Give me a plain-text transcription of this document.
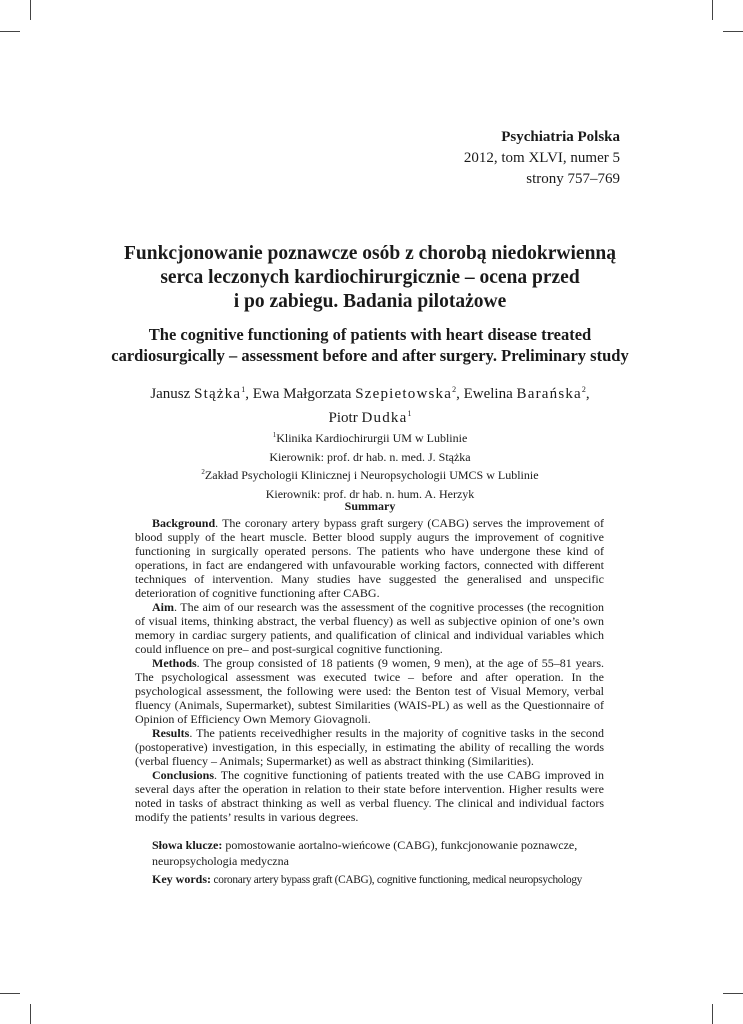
Psychiatria Polska
2012, tom XLVI, numer 5
strony 757–769
Funkcjonowanie poznawcze osób z chorobą niedokrwienną
serca leczonych kardiochirurgicznie – ocena przed
i po zabiegu. Badania pilotażowe
The cognitive functioning of patients with heart disease treated
cardiosurgically – assessment before and after surgery. Preliminary study
Janusz Stążka$^1$, Ewa Małgorzata Szepietowska$^2$, Ewelina Barańska$^2$,
Piotr Dudka$^1$
$^1$Klinika Kardiochirurgii UM w Lublinie
Kierownik: prof. dr hab. n. med. J. Stążka
$^2$Zakład Psychologii Klinicznej i Neuropsychologii UMCS w Lublinie
Kierownik: prof. dr hab. n. hum. A. Herzyk
Summary

Background. The coronary artery bypass graft surgery (CABG) serves the improvement of blood supply of the heart muscle. Better blood supply augurs the improvement of cognitive functioning in surgically operated persons. The patients who have undergone these kind of operations, in fact are endangered with unfavourable working factors, connected with different techniques of intervention. Many studies have suggested the generalised and unspecific deterioration of cognitive functioning after CABG.

Aim. The aim of our research was the assessment of the cognitive processes (the recognition of visual items, thinking abstract, the verbal fluency) as well as subjective opinion of one’s own memory in cardiac surgery patients, and qualification of clinical and individual variables which could influence on pre– and post-surgical cognitive functioning.

Methods. The group consisted of 18 patients (9 women, 9 men), at the age of 55–81 years. The psychological assessment was executed twice – before and after operation. In the psychological assessment, the following were used: the Benton test of Visual Memory, verbal fluency (Animals, Supermarket), subtest Similarities (WAIS-PL) as well as the Questionnaire of Opinion of Efficiency Own Memory Giovagnoli.

Results. The patients receivedhigher results in the majority of cognitive tasks in the second (postoperative) investigation, in this especially, in estimating the ability of recalling the words (verbal fluency – Animals; Supermarket) as well as abstract thinking (Similarities).

Conclusions. The cognitive functioning of patients treated with the use CABG improved in several days after the operation in relation to their state before intervention. Higher results were noted in tasks of abstract thinking as well as verbal fluency. The clinical and individual factors modify the patients’ results in various degrees.

Słowa klucze: pomostowanie aortalno-wieńcowe (CABG), funkcjonowanie poznawcze, neuropsychologia medyczna

Key words: coronary artery bypass graft (CABG), cognitive functioning, medical neuropsychology
